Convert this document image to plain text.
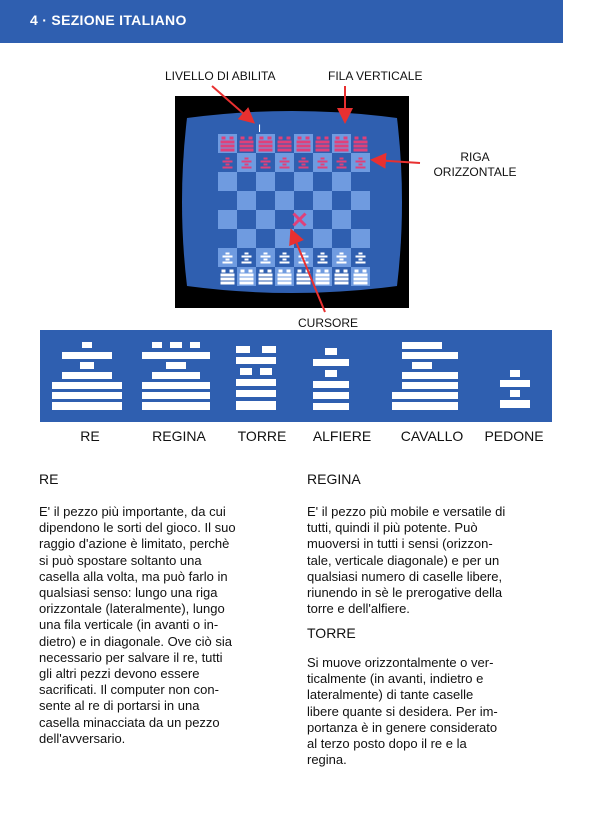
4 · SEZIONE ITALIANO
LIVELLO DI ABILITA	FILA VERTICALE
RIGA
ORIZZONTALE
CURSORE
I
RE	REGINA	TORRE	ALFIERE	CAVALLO	PEDONE
RE

E' il pezzo più importante, da cui
dipendono le sorti del gioco. Il suo
raggio d'azione è limitato, perchè
si può spostare soltanto una
casella alla volta, ma può farlo in
qualsiasi senso: lungo una riga
orizzontale (lateralmente), lungo
una fila verticale (in avanti o in-
dietro) e in diagonale. Ove ciò sia
necessario per salvare il re, tutti
gli altri pezzi devono essere
sacrificati. Il computer non con-
sente al re di portarsi in una
casella minacciata da un pezzo
dell'avversario.

REGINA

E' il pezzo più mobile e versatile di
tutti, quindi il più potente. Può
muoversi in tutti i sensi (orizzon-
tale, verticale diagonale) e per un
qualsiasi numero di caselle libere,
riunendo in sè le prerogative della
torre e dell'alfiere.

TORRE

Si muove orizzontalmente o ver-
ticalmente (in avanti, indietro e
lateralmente) di tante caselle
libere quante si desidera. Per im-
portanza è in genere considerato
al terzo posto dopo il re e la
regina.
